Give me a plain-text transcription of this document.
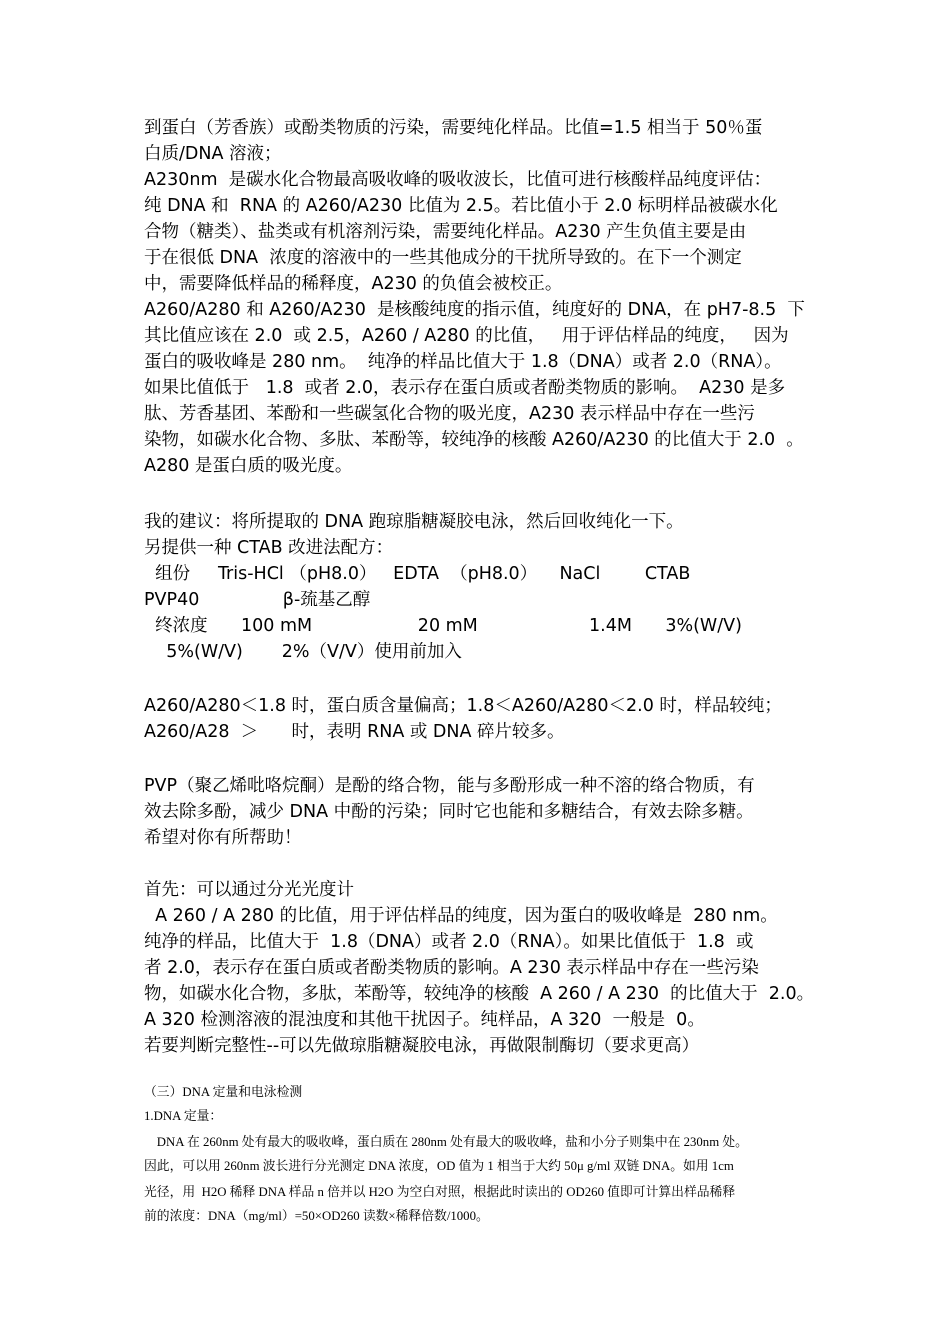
到蛋白（芳香族）或酚类物质的污染，需要纯化样品。比值=1.5 相当于 50％蛋

白质/DNA 溶液；

A230nm  是碳水化合物最高吸收峰的吸收波长，比值可进行核酸样品纯度评估：

纯 DNA 和  RNA 的 A260/A230 比值为 2.5。若比值小于 2.0 标明样品被碳水化

合物（糖类）、盐类或有机溶剂污染，需要纯化样品。A230 产生负值主要是由

于在很低 DNA  浓度的溶液中的一些其他成分的干扰所导致的。在下一个测定

中，需要降低样品的稀释度，A230 的负值会被校正。

A260/A280 和 A260/A230  是核酸纯度的指示值，纯度好的 DNA，在 pH7-8.5  下

其比值应该在 2.0  或 2.5，A260 / A280 的比值，   用于评估样品的纯度，   因为

蛋白的吸收峰是 280 nm。  纯净的样品比值大于 1.8（DNA）或者 2.0（RNA）。

如果比值低于   1.8  或者 2.0，表示存在蛋白质或者酚类物质的影响。  A230 是多

肽、芳香基团、苯酚和一些碳氢化合物的吸光度，A230 表示样品中存在一些污

染物，如碳水化合物、多肽、苯酚等，较纯净的核酸 A260/A230 的比值大于 2.0  。

A280 是蛋白质的吸光度。

我的建议：将所提取的 DNA 跑琼脂糖凝胶电泳，然后回收纯化一下。

另提供一种 CTAB 改进法配方：

组份     Tris-HCl （pH8.0）   EDTA  （pH8.0）    NaCl        CTAB

PVP40               β-巯基乙醇

终浓度      100 mM                   20 mM                    1.4M      3%(W/V)

5%(W/V)       2%（V/V）使用前加入

A260/A280＜1.8 时，蛋白质含量偏高；1.8＜A260/A280＜2.0 时，样品较纯；

A260/A28  ＞      时，表明 RNA 或 DNA 碎片较多。

PVP（聚乙烯吡咯烷酮）是酚的络合物，能与多酚形成一种不溶的络合物质，有

效去除多酚，减少 DNA 中酚的污染；同时它也能和多糖结合，有效去除多糖。

希望对你有所帮助！

首先：可以通过分光光度计

A 260 / A 280 的比值，用于评估样品的纯度，因为蛋白的吸收峰是  280 nm。

纯净的样品，比值大于  1.8（DNA）或者 2.0（RNA）。如果比值低于  1.8  或

者 2.0，表示存在蛋白质或者酚类物质的影响。A 230 表示样品中存在一些污染

物，如碳水化合物，多肽，苯酚等，较纯净的核酸  A 260 / A 230  的比值大于  2.0。

A 320 检测溶液的混浊度和其他干扰因子。纯样品，A 320  一般是  0。

若要判断完整性--可以先做琼脂糖凝胶电泳，再做限制酶切（要求更高）

（三）DNA 定量和电泳检测

1.DNA 定量：

DNA 在 260nm 处有最大的吸收峰，蛋白质在 280nm 处有最大的吸收峰，盐和小分子则集中在 230nm 处。

因此，可以用 260nm 波长进行分光测定 DNA 浓度，OD 值为 1 相当于大约 50μ g/ml 双链 DNA。如用 1cm

光径，用  H2O 稀释 DNA 样品 n 倍并以 H2O 为空白对照，根据此时读出的 OD260 值即可计算出样品稀释

前的浓度：DNA（mg/ml）=50×OD260 读数×稀释倍数/1000。
